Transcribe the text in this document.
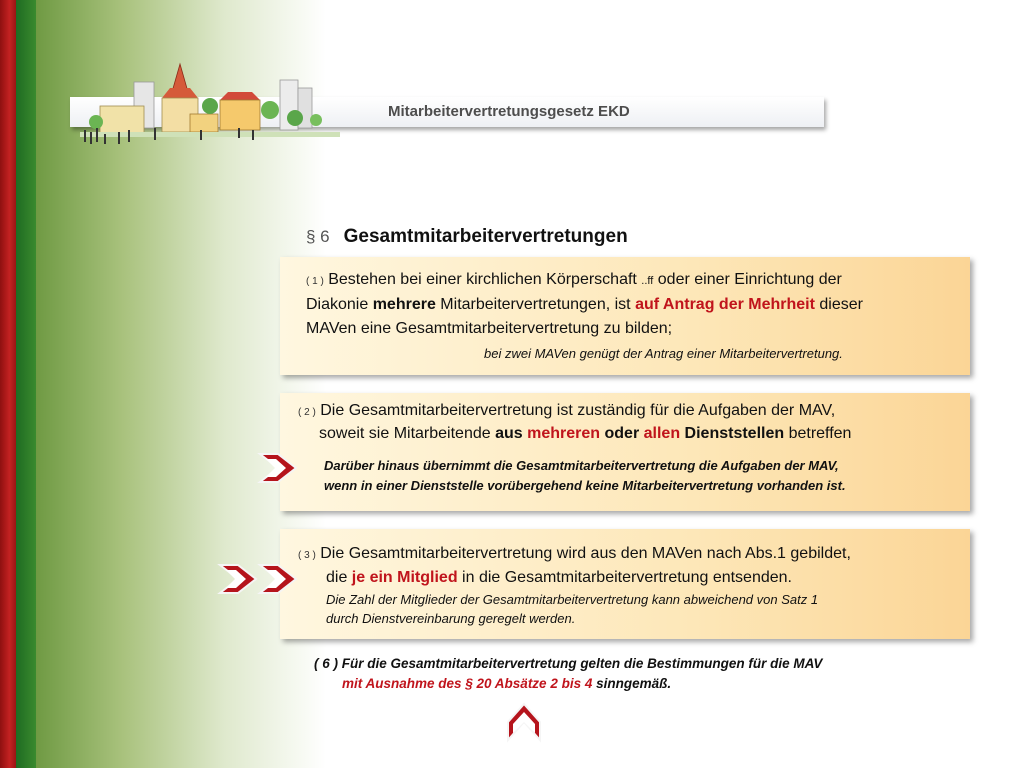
Mitarbeitervertretungsgesetz EKD
§ 6 Gesamtmitarbeitervertretungen
( 1 ) Bestehen bei einer kirchlichen Körperschaft ..ff oder einer Einrichtung der
Diakonie mehrere Mitarbeitervertretungen, ist auf Antrag der Mehrheit dieser
MAVen eine Gesamtmitarbeitervertretung zu bilden;
bei zwei MAVen genügt der Antrag einer Mitarbeitervertretung.
( 2 ) Die Gesamtmitarbeitervertretung ist zuständig für die Aufgaben der MAV,
soweit sie Mitarbeitende aus mehreren oder allen Dienststellen betreffen
Darüber hinaus übernimmt die Gesamtmitarbeitervertretung die Aufgaben der MAV,
wenn in einer Dienststelle vorübergehend keine Mitarbeitervertretung vorhanden ist.
( 3 ) Die Gesamtmitarbeitervertretung wird aus den MAVen nach Abs.1 gebildet,
die je ein Mitglied in die Gesamtmitarbeitervertretung entsenden.
Die Zahl der Mitglieder der Gesamtmitarbeitervertretung kann abweichend von Satz 1
durch Dienstvereinbarung geregelt werden.
( 6 ) Für die Gesamtmitarbeitervertretung gelten die Bestimmungen für die MAV
mit Ausnahme des § 20 Absätze 2 bis 4 sinngemäß.
